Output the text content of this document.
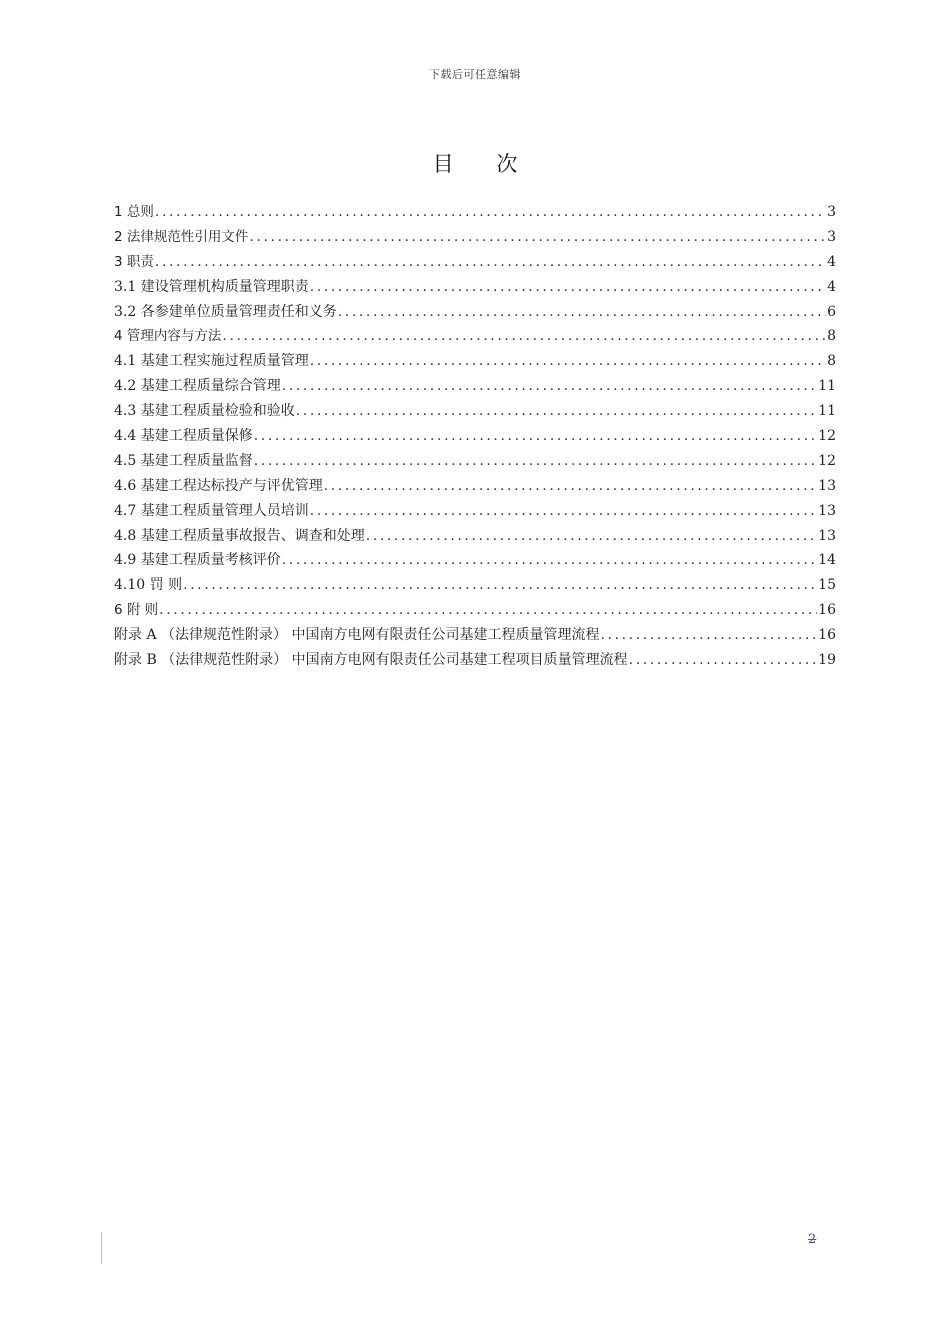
下载后可任意编辑
目 次
1 总则 .....	3
2 法律规范性引用文件 .....	3
3 职责 .....	4
3.1 建设管理机构质量管理职责 .....	4
3.2 各参建单位质量管理责任和义务 .....	6
4 管理内容与方法 .....	8
4.1 基建工程实施过程质量管理 .....	8
4.2 基建工程质量综合管理 .....	11
4.3 基建工程质量检验和验收 .....	11
4.4 基建工程质量保修 .....	12
4.5 基建工程质量监督 .....	12
4.6 基建工程达标投产与评优管理 .....	13
4.7 基建工程质量管理人员培训 .....	13
4.8 基建工程质量事故报告、调查和处理 .....	13
4.9 基建工程质量考核评价 .....	14
4.10 罚 则 .....	15
6 附 则 .....	16
附录 A （法律规范性附录） 中国南方电网有限责任公司基建工程质量管理流程 .....	16
附录 B （法律规范性附录） 中国南方电网有限责任公司基建工程项目质量管理流程 .....	19
2
